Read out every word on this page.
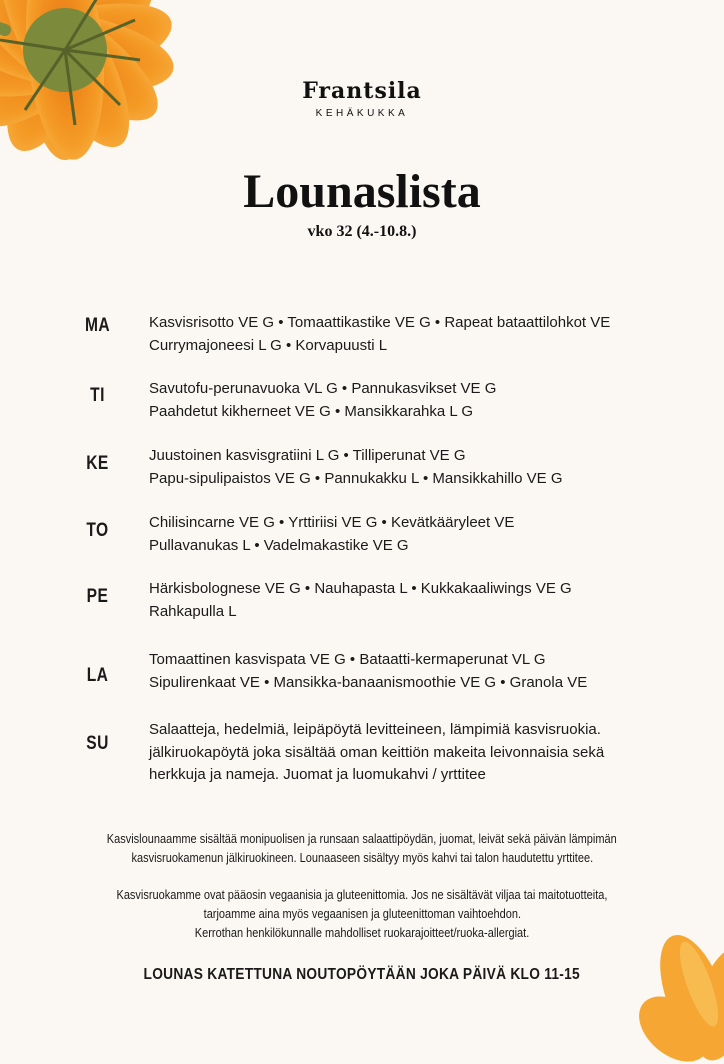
Frantsila
KEHÄKUKKA
Lounaslista
vko 32 (4.-10.8.)
MA	Kasvisrisotto VE G • Tomaattikastike VE G • Rapeat bataattilohkot VE
Currymajoneesi L G • Korvapuusti L
TI	Savutofu-perunavuoka VL G • Pannukasvikset VE G
Paahdetut kikherneet VE G • Mansikkarahka L G
KE	Juustoinen kasvisgratiini L G • Tilliperunat VE G
Papu-sipulipaistos VE G • Pannukakku L • Mansikkahillo VE G
TO	Chilisincarne VE G • Yrttiriisi VE G • Kevätkääryleet VE
Pullavanukas L • Vadelmakastike VE G
PE	Härkisbolognese VE G • Nauhapasta L • Kukkakaaliwings VE G
Rahkapulla L
LA
Tomaattinen kasvispata VE G • Bataatti-kermaperunat VL G
Sipulirenkaat VE • Mansikka-banaanismoothie VE G • Granola VE
SU
Salaatteja, hedelmiä, leipäpöytä levitteineen, lämpimiä kasvisruokia.
jälkiruokapöytä joka sisältää oman keittiön makeita leivonnaisia sekä
herkkuja ja nameja. Juomat ja luomukahvi / yrttitee
Kasvislounaamme sisältää monipuolisen ja runsaan salaattipöydän, juomat, leivät sekä päivän lämpimän
kasvisruokamenun jälkiruokineen. Lounaaseen sisältyy myös kahvi tai talon haudutettu yrttitee.
Kasvisruokamme ovat pääosin vegaanisia ja gluteenittomia. Jos ne sisältävät viljaa tai maitotuotteita,
tarjoamme aina myös vegaanisen ja gluteenittoman vaihtoehdon.
Kerrothan henkilökunnalle mahdolliset ruokarajoitteet/ruoka-allergiat.
LOUNAS KATETTUNA NOUTOPÖYTÄÄN JOKA PÄIVÄ KLO 11-15
